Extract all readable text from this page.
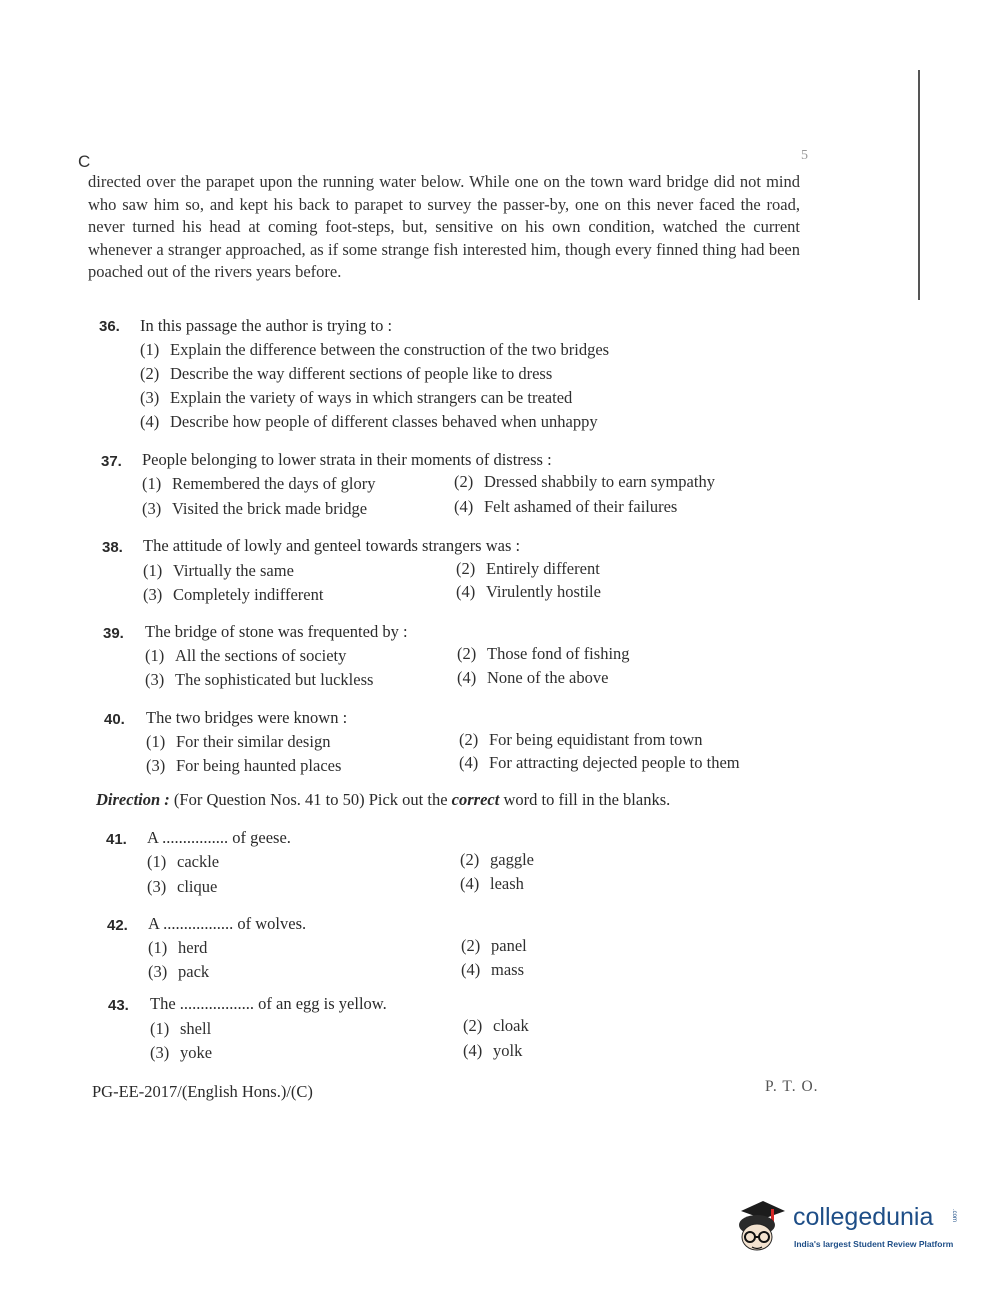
C	5

directed over the parapet upon the running water below. While one on the town ward bridge did not mind who saw him so, and kept his back to parapet to survey the passer-by, one on this never faced the road, never turned his head at coming foot-steps, but, sensitive on his own condition, watched the current whenever a stranger approached, as if some strange fish interested him, though every finned thing had been poached out of the rivers years before.

36. In this passage the author is trying to :
(1) Explain the difference between the construction of the two bridges
(2) Describe the way different sections of people like to dress
(3) Explain the variety of ways in which strangers can be treated
(4) Describe how people of different classes behaved when unhappy
37. People belonging to lower strata in their moments of distress :
(1) Remembered the days of glory	(2) Dressed shabbily to earn sympathy
(3) Visited the brick made bridge	(4) Felt ashamed of their failures
38. The attitude of lowly and genteel towards strangers was :
(1) Virtually the same	(2) Entirely different
(3) Completely indifferent	(4) Virulently hostile
39. The bridge of stone was frequented by :
(1) All the sections of society	(2) Those fond of fishing
(3) The sophisticated but luckless	(4) None of the above
40. The two bridges were known :
(1) For their similar design	(2) For being equidistant from town
(3) For being haunted places	(4) For attracting dejected people to them
Direction : (For Question Nos. 41 to 50) Pick out the correct word to fill in the blanks.
41. A ................ of geese.
(1) cackle	(2) gaggle
(3) clique	(4) leash
42. A ................. of wolves.
(1) herd	(2) panel
(3) pack	(4) mass
43. The .................. of an egg is yellow.
(1) shell	(2) cloak
(3) yoke	(4) yolk
PG-EE-2017/(English Hons.)/(C)	P. T. O.
collegedunia	.com
India's largest Student Review Platform
